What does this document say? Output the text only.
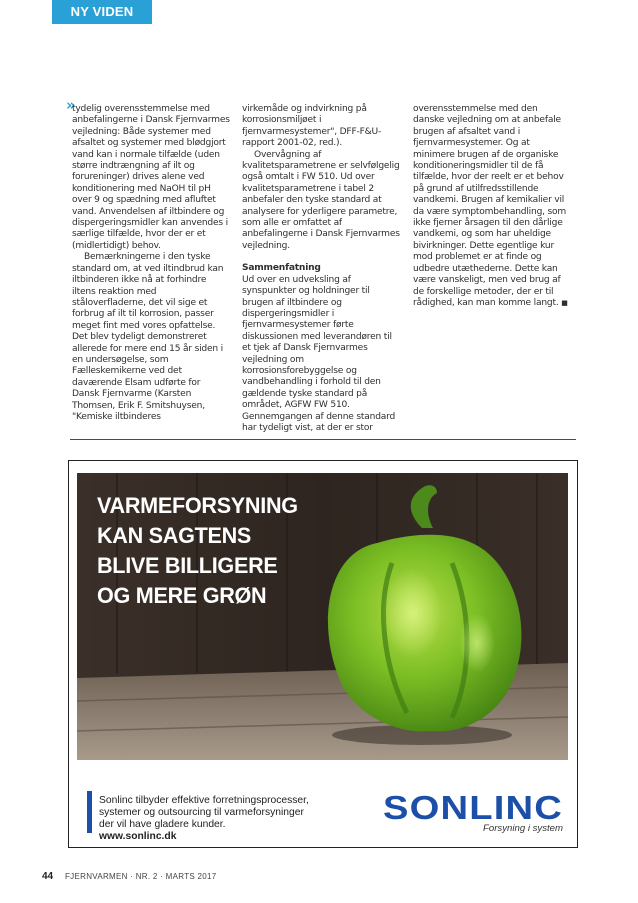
NY VIDEN
»

tydelig overensstemmelse med anbefalingerne i Dansk Fjernvarmes vejledning: Både systemer med afsaltet og systemer med blødgjort vand kan i normale tilfælde (uden større indtrængning af ilt og forureninger) drives alene ved konditionering med NaOH til pH over 9 og spædning med afluftet vand. Anvendelsen af iltbindere og dispergeringsmidler kan anvendes i særlige tilfælde, hvor der er et (midlertidigt) behov.

Bemærkningerne i den tyske standard om, at ved iltindbrud kan iltbinderen ikke nå at forhindre iltens reaktion med ståloverfladerne, det vil sige et forbrug af ilt til korrosion, passer meget fint med vores opfattelse. Det blev tydeligt demonstreret allerede for mere end 15 år siden i en undersøgelse, som Fælleskemikerne ved det daværende Elsam udførte for Dansk Fjernvarme (Karsten Thomsen, Erik F. Smitshuysen, "Kemiske iltbinderes

virkemåde og indvirkning på korrosionsmiljøet i fjernvarmesystemer", DFF-F&U-rapport 2001-02, red.).

Overvågning af kvalitetsparametrene er selvfølgelig også omtalt i FW 510. Ud over kvalitetsparametrene i tabel 2 anbefaler den tyske standard at analysere for yderligere parametre, som alle er omfattet af anbefalingerne i Dansk Fjernvarmes vejledning.

Sammenfatning

Ud over en udveksling af synspunkter og holdninger til brugen af iltbindere og dispergeringsmidler i fjernvarmesystemer førte diskussionen med leverandøren til et tjek af Dansk Fjernvarmes vejledning om korrosionsforebyggelse og vandbehandling i forhold til den gældende tyske standard på området, AGFW FW 510. Gennemgangen af denne standard har tydeligt vist, at der er stor

overensstemmelse med den danske vejledning om at anbefale brugen af afsaltet vand i fjernvarmesystemer. Og at minimere brugen af de organiske konditioneringsmidler til de få tilfælde, hvor der reelt er et behov på grund af utilfredsstillende vandkemi. Brugen af kemikalier vil da være symptombehandling, som ikke fjerner årsagen til den dårlige vandkemi, og som har uheldige bivirkninger. Dette egentlige kur mod problemet er at finde og udbedre utæthederne. Dette kan være vanskeligt, men ved brug af de forskellige metoder, der er til rådighed, kan man komme langt. ■

VARMEFORSYNING
KAN SAGTENS
BLIVE BILLIGERE
OG MERE GRØN
Sonlinc tilbyder effektive forretningsprocesser,
systemer og outsourcing til varmeforsyninger
der vil have gladere kunder.
www.sonlinc.dk
SONLINC
Forsyning i system
44 FJERNVARMEN · NR. 2 · MARTS 2017
